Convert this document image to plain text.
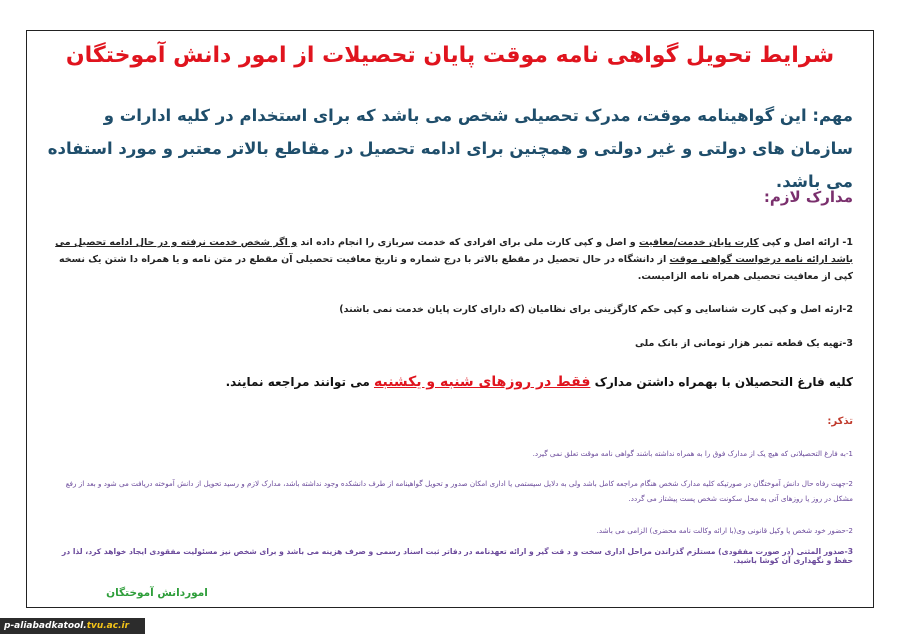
شرایط تحویل گواهی نامه موقت پایان تحصیلات از امور دانش آموختگان
مهم: این گواهینامه موقت، مدرک تحصیلی شخص می باشد که برای استخدام در کلیه ادارات و سازمان های دولتی و غیر دولتی و همچنین برای ادامه تحصیل در مقاطع بالاتر معتبر و مورد استفاده می باشد.
مدارک لازم:
1- ارائه اصل و کپی کارت پایان خدمت/معافیت و اصل و کپی کارت ملی برای افرادی که خدمت سربازی را انجام داده اند و اگر شخص خدمت نرفته و در حال ادامه تحصیل می باشد ارائه نامه درخواست گواهی موقت از دانشگاه در حال تحصیل در مقطع بالاتر با درج شماره و تاریخ معافیت تحصیلی آن مقطع در متن نامه و یا همراه دا شتن یک نسخه کپی از معافیت تحصیلی همراه نامه الزامیست.
2-ارئه اصل و کپی کارت شناسایی و کپی حکم کارگزینی برای نظامیان (که دارای کارت پایان خدمت نمی باشند)
3-تهیه یک قطعه تمبر هزار تومانی از بانک ملی
کلیه فارغ التحصیلان با بهمراه داشتن مدارک فقط در روزهای شنبه و یکشنبه می توانند مراجعه نمایند.
تذکر:
1-به فارغ التحصیلانی که هیچ یک از مدارک فوق را به همراه نداشته باشند گواهی نامه موقت تعلق نمی گیرد.
2-جهت رفاه حال دانش آموختگان در صورتیکه کلیه مدارک شخص هنگام مراجعه کامل باشد ولی به دلایل سیستمی یا اداری امکان صدور و تحویل گواهینامه از طرف دانشکده وجود نداشته باشد، مدارک لازم و رسید تحویل از دانش آموخته دریافت می شود و بعد از رفع مشکل در روز یا روزهای آتی به محل سکونت شخص پست پیشتاز می گردد.
2-حضور خود شخص یا وکیل قانونی وی(با ارائه وکالت نامه محضری) الزامی می باشد.
3-صدور المثنی (در صورت مفقودی) مستلزم گذراندن مراحل اداری سخت و د قت گیر و ارائه تعهدنامه در دفاتر ثبت اسناد رسمی و صرف هزینه می باشد و برای شخص نیز مسئولیت مفقودی ایجاد خواهد کرد، لذا در حفظ و نگهداری آن کوشا باشید.
اموردانش آموختگان
p-aliabadkatool.tvu.ac.ir
